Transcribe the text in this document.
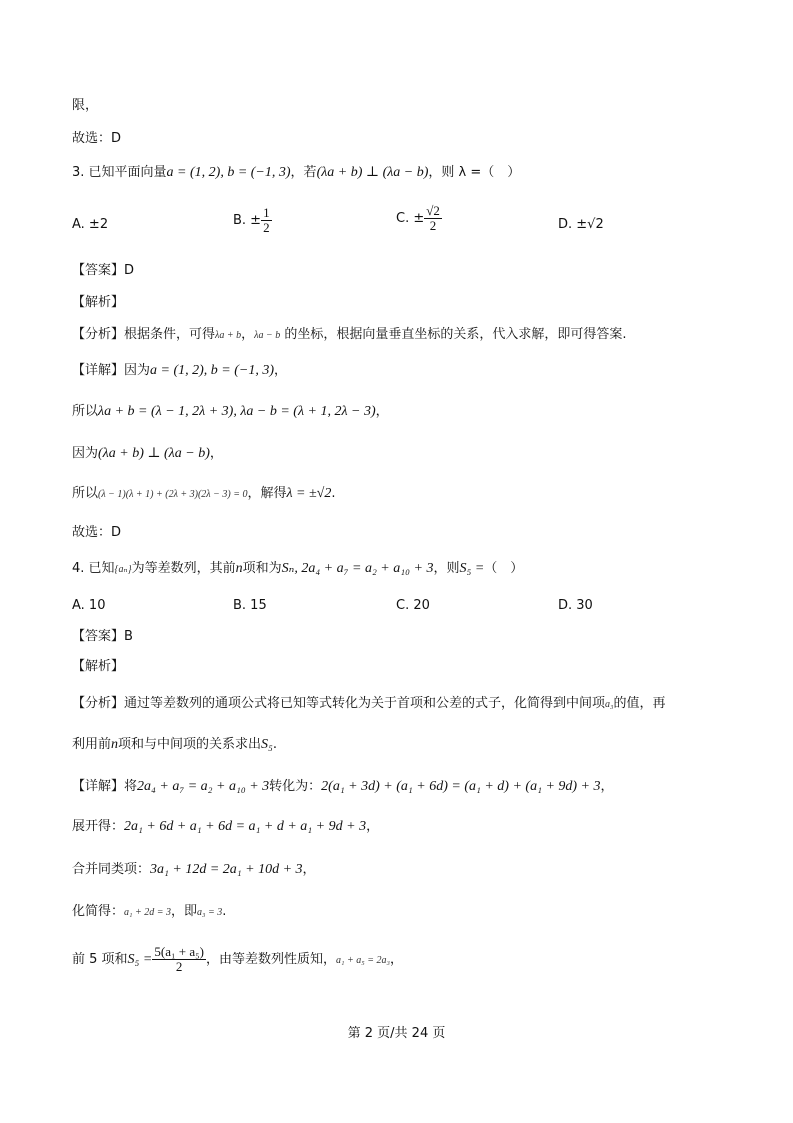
限，
故选：D
3. 已知平面向量a = (1, 2), b = (−1, 3)，若(λa + b) ⊥ (λa − b)，则 λ =（　）
A. ±2	B. ± $\frac{1}{2}$	C. ± $\frac{√2}{2}$	D. ±√2
【答案】D
【解析】
【分析】根据条件，可得λa + b，λa − b 的坐标，根据向量垂直坐标的关系，代入求解，即可得答案.
【详解】因为a = (1, 2), b = (−1, 3)，
所以λa + b = (λ − 1, 2λ + 3), λa − b = (λ + 1, 2λ − 3)，
因为(λa + b) ⊥ (λa − b)，
所以(λ − 1)(λ + 1) + (2λ + 3)(2λ − 3) = 0，解得λ = ±√2.
故选：D
4. 已知{aₙ}为等差数列，其前n项和为Sₙ, 2a₄ + a₇ = a₂ + a₁₀ + 3，则S₅ =（　）
A. 10	B. 15	C. 20	D. 30
【答案】B
【解析】
【分析】通过等差数列的通项公式将已知等式转化为关于首项和公差的式子，化简得到中间项a₃的值，再
利用前n项和与中间项的关系求出S₅.
【详解】将2a₄ + a₇ = a₂ + a₁₀ + 3转化为：2(a₁ + 3d) + (a₁ + 6d) = (a₁ + d) + (a₁ + 9d) + 3，
展开得：2a₁ + 6d + a₁ + 6d = a₁ + d + a₁ + 9d + 3，
合并同类项：3a₁ + 12d = 2a₁ + 10d + 3，
化简得：a₁ + 2d = 3，即a₃ = 3.
前 5 项和$S_5 = \frac{\text{5(a₁ + a₅)}}{2}$ ，由等差数列性质知，a₁ + a₅ = 2a₃，
第 2 页/共 24 页
